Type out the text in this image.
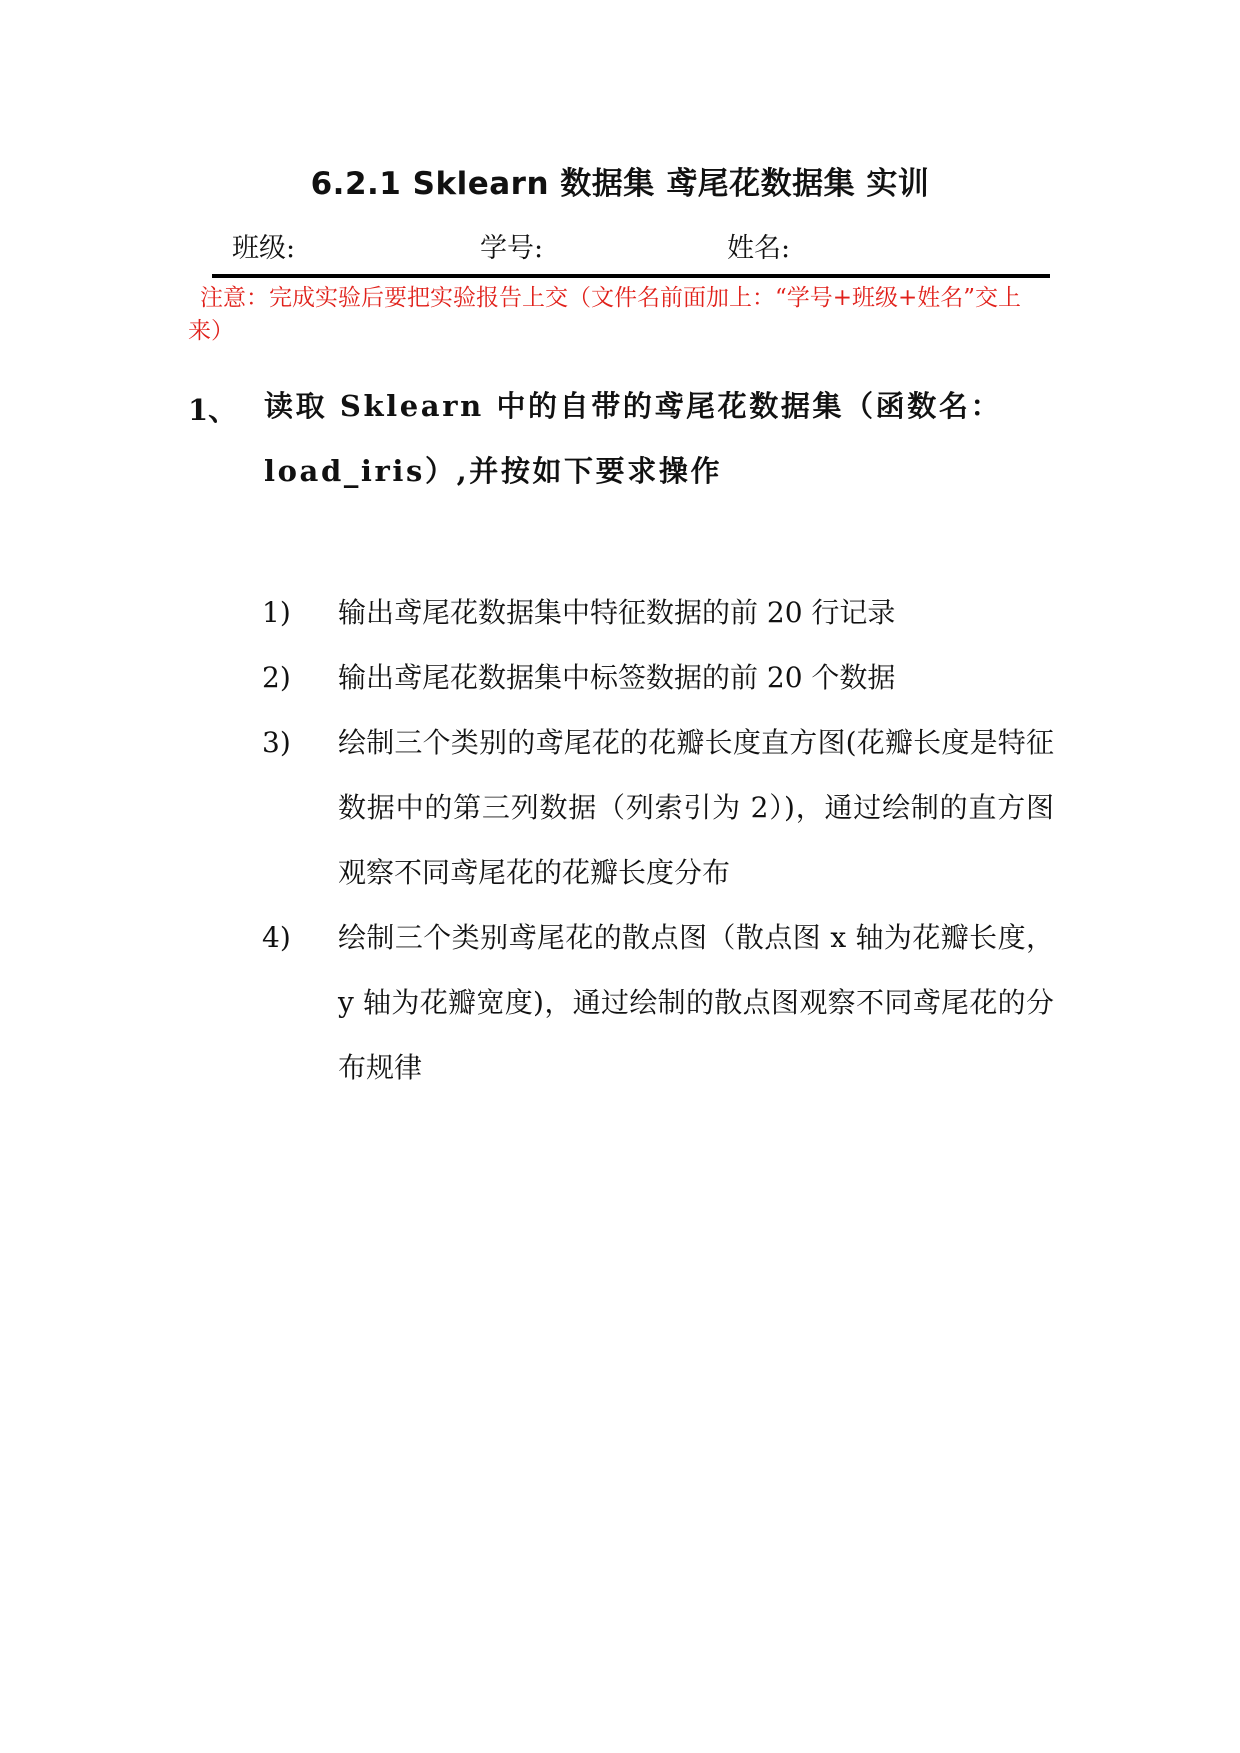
6.2.1 Sklearn 数据集 鸢尾花数据集 实训
班级:	学号:	姓名:
注意：完成实验后要把实验报告上交（文件名前面加上：“学号+班级+姓名”交上来）
1、 读取 Sklearn 中的自带的鸢尾花数据集（函数名：load_iris）,并按如下要求操作
1)	输出鸢尾花数据集中特征数据的前 20 行记录
2)	输出鸢尾花数据集中标签数据的前 20 个数据
3)	绘制三个类别的鸢尾花的花瓣长度直方图(花瓣长度是特征数据中的第三列数据（列索引为 2）)，通过绘制的直方图观察不同鸢尾花的花瓣长度分布
4)	绘制三个类别鸢尾花的散点图（散点图 x 轴为花瓣长度，y 轴为花瓣宽度)，通过绘制的散点图观察不同鸢尾花的分布规律
